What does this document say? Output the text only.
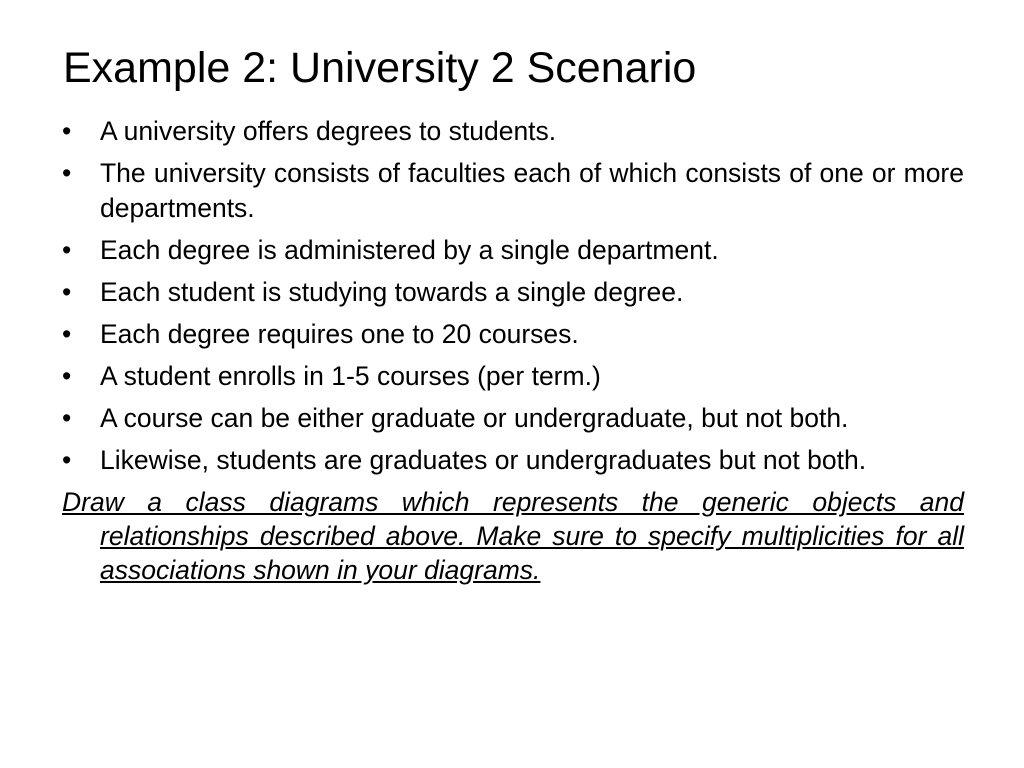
Example 2: University 2 Scenario
•	A university offers degrees to students.
•	The university consists of faculties each of which consists of one or more departments.
•	Each degree is administered by a single department.
•	Each student is studying towards a single degree.
•	Each degree requires one to 20 courses.
•	A student enrolls in 1-5 courses (per term.)
•	A course can be either graduate or undergraduate, but not both.
•	Likewise, students are graduates or undergraduates but not both.

Draw a class diagrams which represents the generic objects and relationships described above. Make sure to specify multiplicities for all associations shown in your diagrams.
